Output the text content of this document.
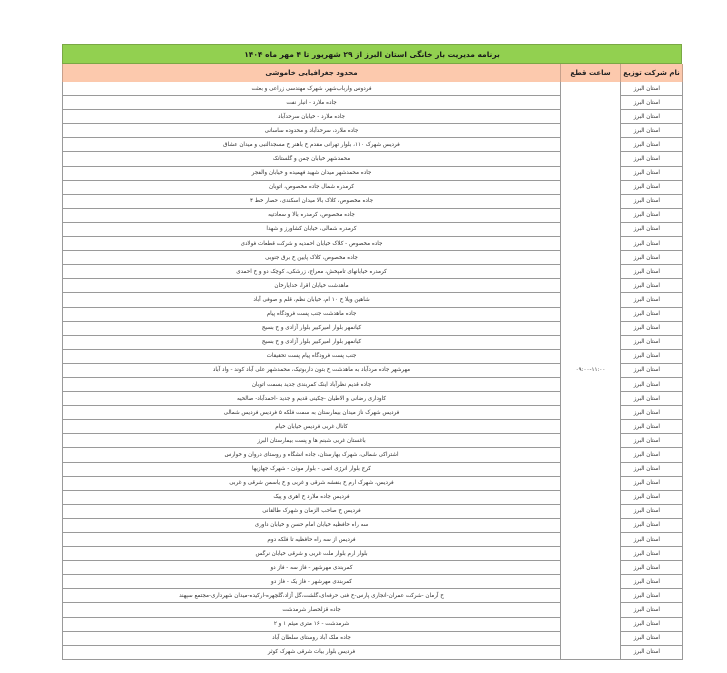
برنامه مدیریت بار خانگی استان البرز از ۲۹ شهریور تا ۴ مهر ماه ۱۴۰۴
نام شرکت توزیع	ساعت قطع	محدود جغرافیایی خاموشی
استان البرز	۰۹:۰۰-۱۱:۰۰	فردوس وارباب‌شهر، شهرک مهندسی زراعی و بعثت
استان البرز		جاده ملارد - انبار نفت
استان البرز		جاده ملارد - خیابان سرحدآباد
استان البرز		جاده ملارد، سرحدآباد و محدوده ساسانی
استان البرز		فردیس شهرک ۱۱۰، بلوار تهرانی مقدم خ باهنر خ مسجدالنبی و میدان عشاق
استان البرز		محمدشهر خیابان چمن و گلستانک
استان البرز		جاده محمدشهر میدان شهید فهمیده و خیابان والفجر
استان البرز		کرمدره شمال جاده مخصوص، اتوبان
استان البرز		جاده مخصوص، کلاک بالا میدان اسکندی، حصار خط ۴
استان البرز		جاده مخصوص، کرمدره بالا و سعادتیه
استان البرز		کرمدره شمالی، خیابان کشاورز و شهدا
استان البرز		جاده مخصوص - کلاک خیابان احمدیه و شرکت قطعات فولادی
استان البرز		جاده مخصوص، کلاک پایین خ برق جنوبی
استان البرز		کرمدره خیابانهای تامپخش، معراج، زرشکی، کوچک دو و خ احمدی
استان البرز		ماهدشت خیابان اقرا، خدایارخان
استان البرز		شاهین ویلا خ ۱۰ ام، خیابان نظم، قلم و صوفی آباد
استان البرز		جاده ماهدشت جنب پست فرودگاه پیام
استان البرز		کیانمهر بلوار امیرکبیر بلوار آزادی و خ بسیج
استان البرز		کیانمهر بلوار امیرکبیر بلوار آزادی و خ بسیج
استان البرز		جنب پست فرودگاه پیام پست تحقیقات
استان البرز		مهرشهر جاده مردآباد به ماهدشت خ بتون داربوتیک، محمدشهر علی آباد کوند - واد آباد
استان البرز		جاده قدیم نظرآباد اینک کمربندی جدید بسمت اتوبان
استان البرز		کاوداری رضانی و الاطیان -چکینی قدیم و جدید -احمدآباد- صالحیه
استان البرز		فردیس شهرک ناز میدان بیمارستان به سمت فلکه ۵ فردیس فردیس شمالی
استان البرز		کانال غربی فردیس خیابان خیام
استان البرز		باغستان غربی شبنم ها و پست بیمارستان البرز
استان البرز		اشتراکی شمالی، شهرک بهارستان، جاده انشگاه و روستای دروان و خوارس
استان البرز		کرج بلوار انرژی اتمی - بلوار موذن - شهرک جهازیها
استان البرز		فردیس، شهرک ارم خ بنفشه شرقی و غربی و خ یاسمن شرقی و غربی
استان البرز		فردیس جاده ملارد خ اهری و پیک
استان البرز		فردیس خ صاحب الزمان و شهرک طالقانی
استان البرز		سه راه حافظیه خیابان امام حسن و خیابان داوری
استان البرز		فردیس از سه راه حافظیه تا فلکه دوم
استان البرز		بلوار ارم بلوار ملت غربی و شرقی خیابان نرگس
استان البرز		کمربندی مهرشهر - فاز سه - فاز دو
استان البرز		کمربندی مهرشهر - فاز یک - فاز دو
استان البرز		خ آرمان -شرکت عمران-انجاری پارس-خ فنی حرفه‌ای،گلشت،گل آزاد،گلچهره-ارکیده-میدان شهرداری-مجتمع سپهند
استان البرز		جاده قزلحصار شرمدشت
استان البرز		شرمدشت - ۱۶ متری میثم ۱ و ۲
استان البرز		جاده ملک آباد روستای سلطان آباد
استان البرز		فردیس بلوار بیات شرقی شهرک کوثر
